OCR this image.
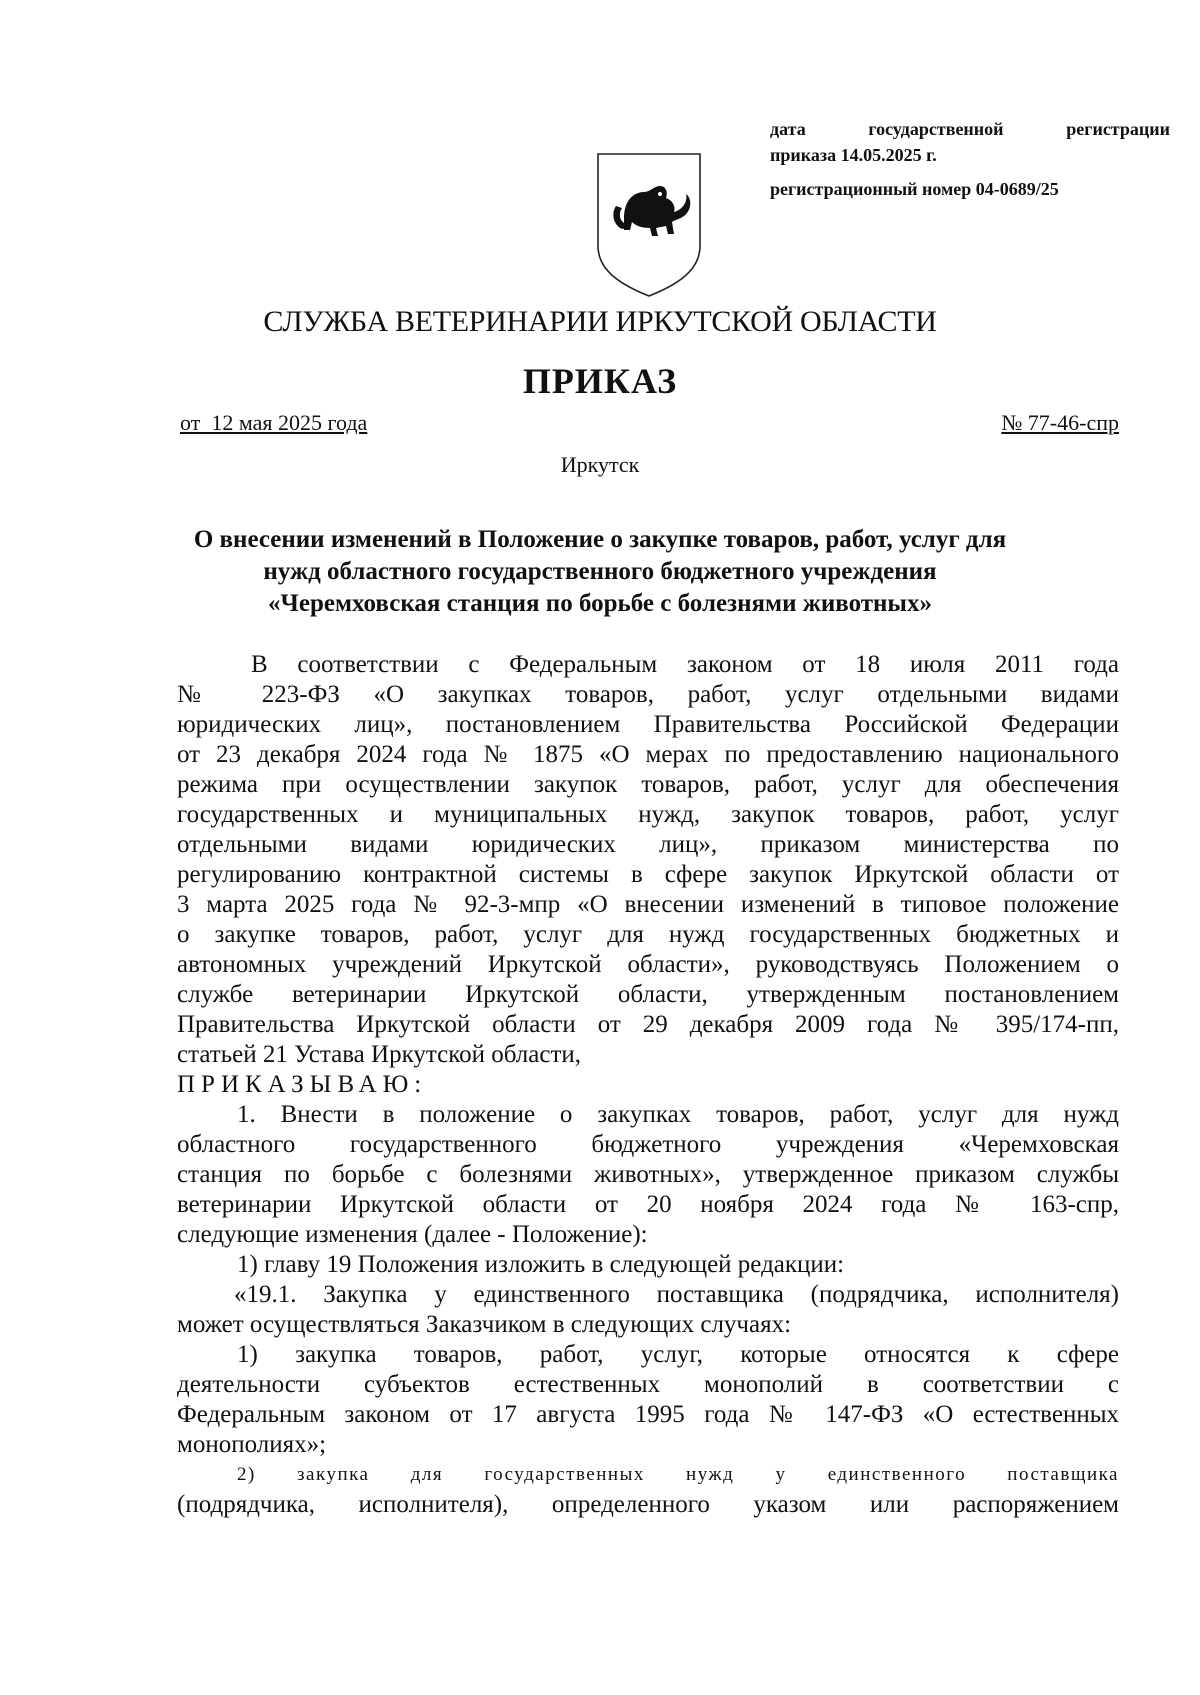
дата государственной регистрации
приказа 14.05.2025 г.
регистрационный номер 04-0689/25
СЛУЖБА ВЕТЕРИНАРИИ ИРКУТСКОЙ ОБЛАСТИ
ПРИКАЗ
от  12 мая 2025 года	№ 77-46-спр
Иркутск
О внесении изменений в Положение о закупке товаров, работ, услуг для
нужд областного государственного бюджетного учреждения
«Черемховская станция по борьбе с болезнями животных»
В соответствии с Федеральным законом от 18 июля 2011 года
№ 223-ФЗ «О закупках товаров, работ, услуг отдельными видами
юридических лиц», постановлением Правительства Российской Федерации
от 23 декабря 2024 года № 1875 «О мерах по предоставлению национального
режима при осуществлении закупок товаров, работ, услуг для обеспечения
государственных и муниципальных нужд, закупок товаров, работ, услуг
отдельными видами юридических лиц», приказом министерства по
регулированию контрактной системы в сфере закупок Иркутской области от
3 марта 2025 года № 92-3-мпр «О внесении изменений в типовое положение
о закупке товаров, работ, услуг для нужд государственных бюджетных и
автономных учреждений Иркутской области», руководствуясь Положением о
службе ветеринарии Иркутской области, утвержденным постановлением
Правительства Иркутской области от 29 декабря 2009 года № 395/174-пп,
статьей 21 Устава Иркутской области,
ПРИКАЗЫВАЮ:
1. Внести в положение о закупках товаров, работ, услуг для нужд
областного государственного бюджетного учреждения «Черемховская
станция по борьбе с болезнями животных», утвержденное приказом службы
ветеринарии Иркутской области от 20 ноября 2024 года № 163-спр,
следующие изменения (далее - Положение):
1) главу 19 Положения изложить в следующей редакции:
«19.1. Закупка у единственного поставщика (подрядчика, исполнителя)
может осуществляться Заказчиком в следующих случаях:
1) закупка товаров, работ, услуг, которые относятся к сфере
деятельности субъектов естественных монополий в соответствии с
Федеральным законом от 17 августа 1995 года № 147-ФЗ «О естественных
монополиях»;
2) закупка для государственных нужд у единственного поставщика
(подрядчика, исполнителя), определенного указом или распоряжением
